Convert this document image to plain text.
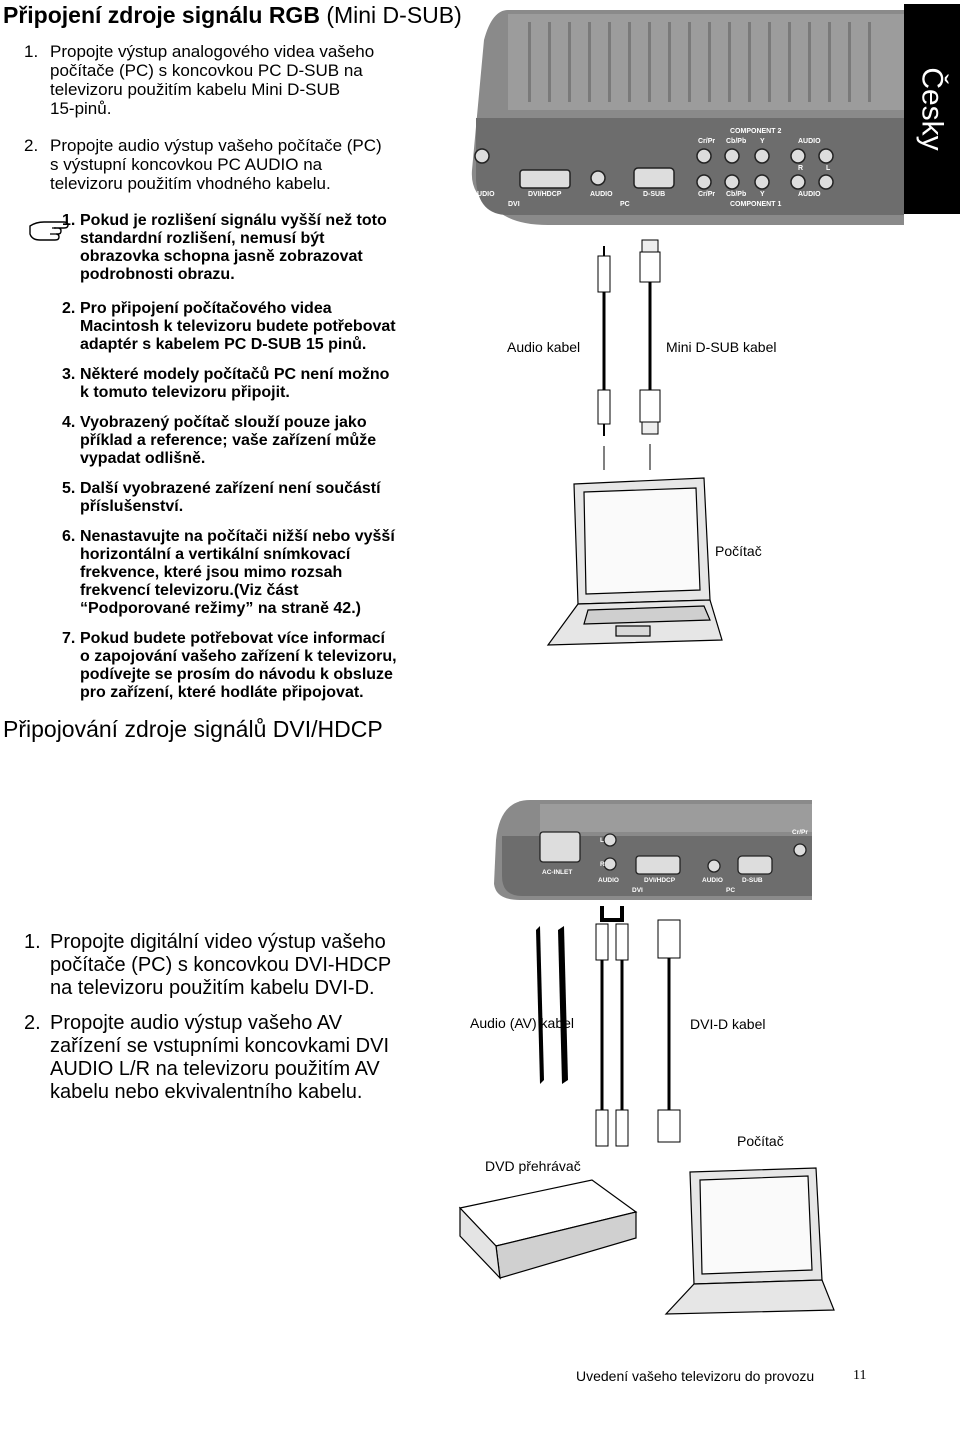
Připojení zdroje signálu RGB (Mini D-SUB)
1. Propojte výstup analogového videa vašeho
počítače (PC) s koncovkou PC D-SUB na
televizoru použitím kabelu Mini D-SUB
15-pinů.
2. Propojte audio výstup vašeho počítače (PC)
s výstupní koncovkou PC AUDIO na
televizoru použitím vhodného kabelu.
1. Pokud je rozlišení signálu vyšší než toto
standardní rozlišení, nemusí být
obrazovka schopna jasně zobrazovat
podrobnosti obrazu.
2. Pro připojení počítačového videa
Macintosh k televizoru budete potřebovat
adaptér s kabelem PC D-SUB 15 pinů.
3. Některé modely počítačů PC není možno
k tomuto televizoru připojit.
4. Vyobrazený počítač slouží pouze jako
příklad a reference; vaše zařízení může
vypadat odlišně.
5. Další vyobrazené zařízení není součástí
příslušenství.
6. Nenastavujte na počítači nižší nebo vyšší
horizontální a vertikální snímkovací
frekvence, které jsou mimo rozsah
frekvencí televizoru.(Viz část
“Podporované režimy” na straně 42.)
7. Pokud budete potřebovat více informací
o zapojování vašeho zařízení k televizoru,
podívejte se prosím do návodu k obsluze
pro zařízení, které hodláte připojovat.
Česky
COMPONENT 2
Cr/Pr Cb/Pb Y	AUDIO
AUDIO	DVI/HDCP	AUDIO	D-SUB	Cr/Pr Cb/Pb Y	AUDIO
DVI	PC	COMPONENT 1
R	L
Audio kabel	Mini D-SUB kabel
Počítač
Připojování zdroje signálů DVI/HDCP
1. Propojte digitální video výstup vašeho
počítače (PC) s koncovkou DVI-HDCP
na televizoru použitím kabelu DVI-D.
2. Propojte audio výstup vašeho AV
zařízení se vstupními koncovkami DVI
AUDIO L/R na televizoru použitím AV
kabelu nebo ekvivalentního kabelu.
AC-INLET
L
R
AUDIO	DVI/HDCP	AUDIO	D-SUB
DVI	PC
Cr/Pr
Audio (AV) kabel	DVI-D kabel
DVD přehrávač
Počítač
Uvedení vašeho televizoru do provozu	11
